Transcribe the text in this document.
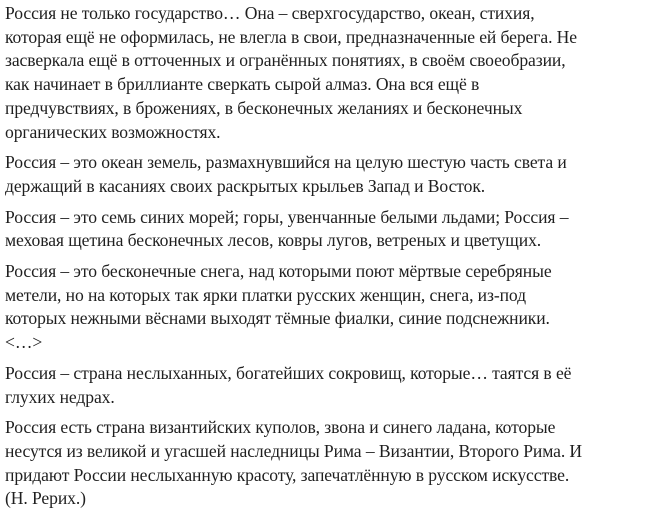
Россия не только государство… Она – сверхгосударство, океан, стихия,
которая ещё не оформилась, не влегла в свои, предназначенные ей берега. Не
засверкала ещё в отточенных и огранённых понятиях, в своём своеобразии,
как начинает в бриллианте сверкать сырой алмаз. Она вся ещё в
предчувствиях, в брожениях, в бесконечных желаниях и бесконечных
органических возможностях.

Россия – это океан земель, размахнувшийся на целую шестую часть света и
держащий в касаниях своих раскрытых крыльев Запад и Восток.

Россия – это семь синих морей; горы, увенчанные белыми льдами; Россия –
меховая щетина бесконечных лесов, ковры лугов, ветреных и цветущих.

Россия – это бесконечные снега, над которыми поют мёртвые серебряные
метели, но на которых так ярки платки русских женщин, снега, из-под
которых нежными вёснами выходят тёмные фиалки, синие подснежники.
<…>

Россия – страна неслыханных, богатейших сокровищ, которые… таятся в её
глухих недрах.

Россия есть страна византийских куполов, звона и синего ладана, которые
несутся из великой и угасшей наследницы Рима – Византии, Второго Рима. И
придают России неслыханную красоту, запечатлённую в русском искусстве.
(Н. Рерих.)
